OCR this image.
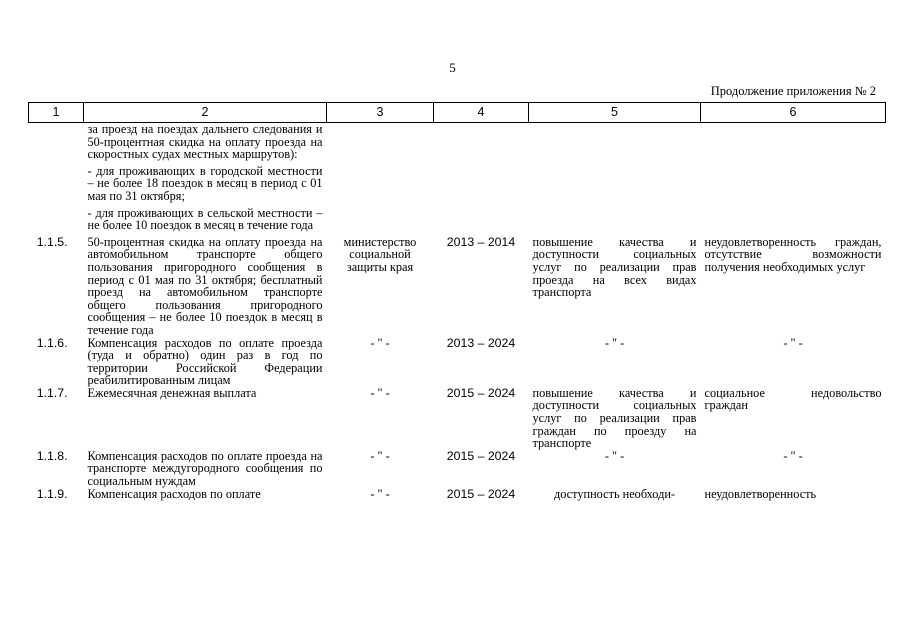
5
Продолжение приложения № 2
1	2	3	4	5	6

	за проезд на поездах дальнего следования и 50-процентная скидка на оплату проезда на скоростных судах местных маршрутов):
- для проживающих в городской местности – не более 18 поездок в месяц в период с 01 мая по 31 октября;
- для проживающих в сельской местности – не более 10 поездок в месяц в течение года				

1.1.5.	50-процентная скидка на оплату проезда на автомобильном транспорте общего пользования пригородного сообщения в период с 01 мая по 31 октября; бесплатный проезд на автомобильном транспорте общего пользования пригородного сообщения – не более 10 поездок в месяц в течение года	министерство социальной защиты края	2013 – 2014	повышение качества и доступности социальных услуг по реализации прав проезда на всех видах транспорта	неудовлетворенность граждан, отсутствие возможности получения необходимых услуг
1.1.6.	Компенсация расходов по оплате проезда (туда и обратно) один раз в год по территории Российской Федерации реабилитированным лицам	- " -	2013 – 2024	- " -	- " -
1.1.7.	Ежемесячная денежная выплата	- " -	2015 – 2024	повышение качества и доступности социальных услуг по реализации прав граждан по проезду на транспорте	социальное недовольство граждан
1.1.8.	Компенсация расходов по оплате проезда на транспорте междугородного сообщения по социальным нуждам	- " -	2015 – 2024	- " -	- " -
1.1.9.	Компенсация расходов по оплате	- " -	2015 – 2024	доступность необходи-	неудовлетворенность
